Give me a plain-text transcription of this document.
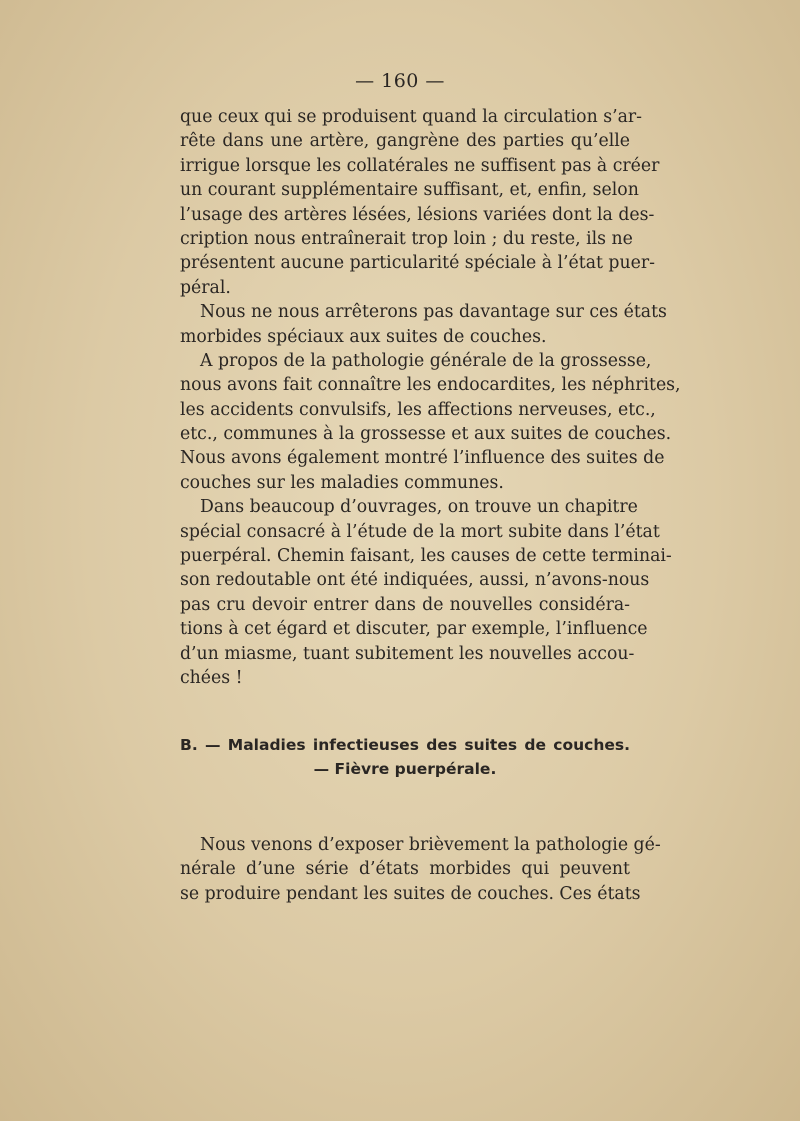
— 160 —
que ceux qui se produisent quand la circulation s’ar-
rête dans une artère, gangrène des parties qu’elle
irrigue lorsque les collatérales ne suffisent pas à créer
un courant supplémentaire suffisant, et, enfin, selon
l’usage des artères lésées, lésions variées dont la des-
cription nous entraînerait trop loin ; du reste, ils ne
présentent aucune particularité spéciale à l’état puer-
péral.
Nous ne nous arrêterons pas davantage sur ces états
morbides spéciaux aux suites de couches.
A propos de la pathologie générale de la grossesse,
nous avons fait connaître les endocardites, les néphrites,
les accidents convulsifs, les affections nerveuses, etc.,
etc., communes à la grossesse et aux suites de couches.
Nous avons également montré l’influence des suites de
couches sur les maladies communes.
Dans beaucoup d’ouvrages, on trouve un chapitre
spécial consacré à l’étude de la mort subite dans l’état
puerpéral. Chemin faisant, les causes de cette terminai-
son redoutable ont été indiquées, aussi, n’avons-nous
pas cru devoir entrer dans de nouvelles considéra-
tions à cet égard et discuter, par exemple, l’influence
d’un miasme, tuant subitement les nouvelles accou-
chées !
B. — Maladies infectieuses des suites de couches.
— Fièvre puerpérale.
Nous venons d’exposer brièvement la pathologie gé-
nérale d’une série d’états morbides qui peuvent
se produire pendant les suites de couches. Ces états
